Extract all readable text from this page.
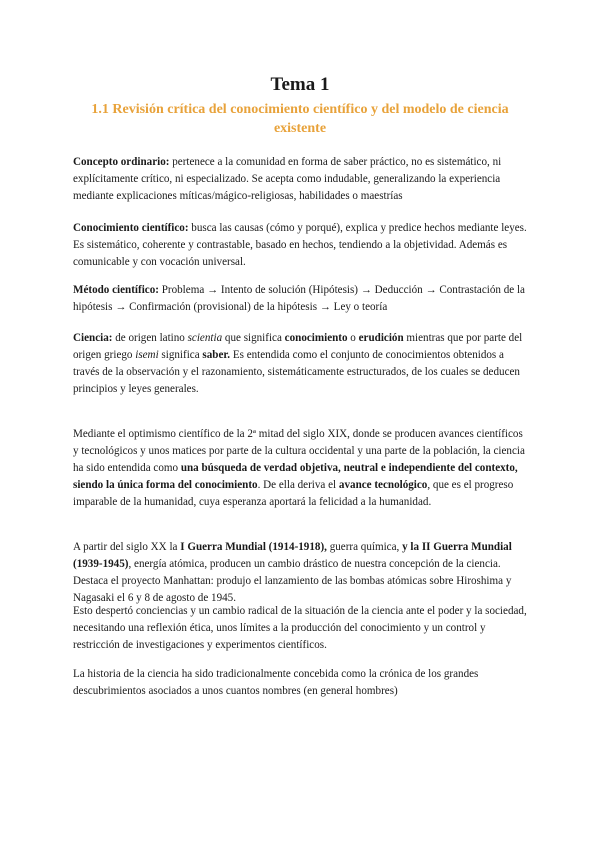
Tema 1
1.1 Revisión crítica del conocimiento científico y del modelo de ciencia existente

Concepto ordinario: pertenece a la comunidad en forma de saber práctico, no es sistemático, ni explícitamente crítico, ni especializado. Se acepta como indudable, generalizando la experiencia mediante explicaciones míticas/mágico-religiosas, habilidades o maestrías

Conocimiento científico: busca las causas (cómo y porqué), explica y predice hechos mediante leyes. Es sistemático, coherente y contrastable, basado en hechos, tendiendo a la objetividad. Además es comunicable y con vocación universal.

Método científico: Problema → Intento de solución (Hipótesis) → Deducción → Contrastación de la hipótesis → Confirmación (provisional) de la hipótesis → Ley o teoría

Ciencia: de origen latino scientia que significa conocimiento o erudición mientras que por parte del origen griego isemi significa saber. Es entendida como el conjunto de conocimientos obtenidos a través de la observación y el razonamiento, sistemáticamente estructurados, de los cuales se deducen principios y leyes generales.

Mediante el optimismo científico de la 2ª mitad del siglo XIX, donde se producen avances científicos y tecnológicos y unos matices por parte de la cultura occidental y una parte de la población, la ciencia ha sido entendida como una búsqueda de verdad objetiva, neutral e independiente del contexto, siendo la única forma del conocimiento. De ella deriva el avance tecnológico, que es el progreso imparable de la humanidad, cuya esperanza aportará la felicidad a la humanidad.

A partir del siglo XX la I Guerra Mundial (1914-1918), guerra química, y la II Guerra Mundial (1939-1945), energía atómica, producen un cambio drástico de nuestra concepción de la ciencia. Destaca el proyecto Manhattan: produjo el lanzamiento de las bombas atómicas sobre Hiroshima y Nagasaki el 6 y 8 de agosto de 1945.

Esto despertó conciencias y un cambio radical de la situación de la ciencia ante el poder y la sociedad, necesitando una reflexión ética, unos límites a la producción del conocimiento y un control y restricción de investigaciones y experimentos científicos.

La historia de la ciencia ha sido tradicionalmente concebida como la crónica de los grandes descubrimientos asociados a unos cuantos nombres (en general hombres)
